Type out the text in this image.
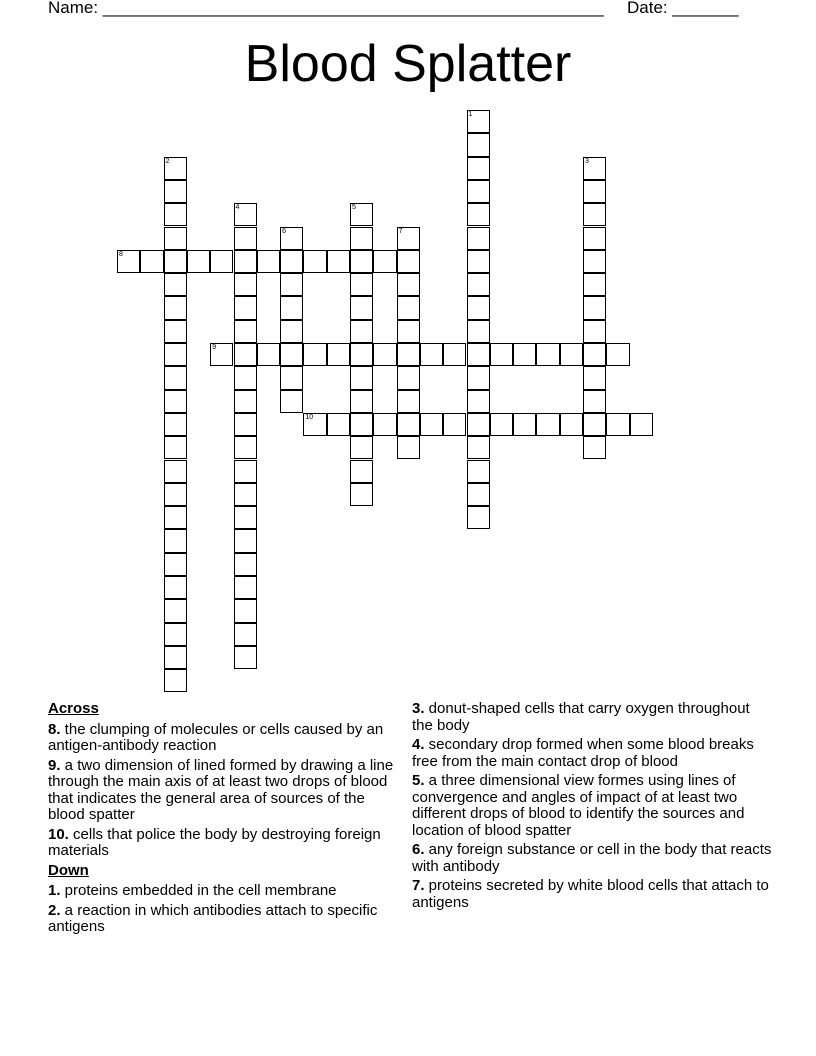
Name: _____________________________________________________ Date: _______
Blood Splatter
1
2	3
4	5
6	7
8
9
10
Across
8. the clumping of molecules or cells caused by an antigen-antibody reaction
9. a two dimension of lined formed by drawing a line through the main axis of at least two drops of blood that indicates the general area of sources of the blood spatter
10. cells that police the body by destroying foreign materials
Down
1. proteins embedded in the cell membrane
2. a reaction in which antibodies attach to specific antigens
3. donut-shaped cells that carry oxygen throughout the body
4. secondary drop formed when some blood breaks free from the main contact drop of blood
5. a three dimensional view formes using lines of convergence and angles of impact of at least two different drops of blood to identify the sources and location of blood spatter
6. any foreign substance or cell in the body that reacts with antibody
7. proteins secreted by white blood cells that attach to antigens
